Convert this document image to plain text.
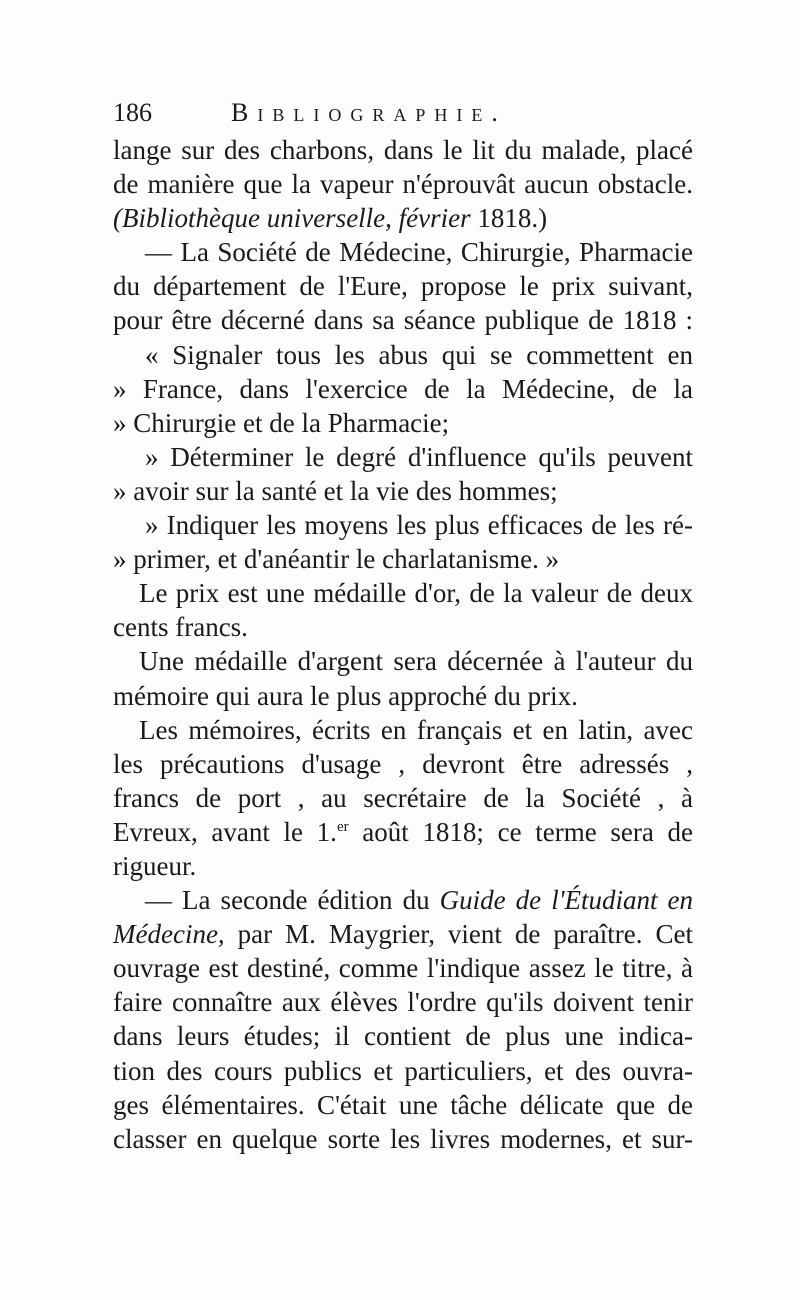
186	Bibliographie.
lange sur des charbons, dans le lit du malade, placé
de manière que la vapeur n'éprouvât aucun obstacle.
(Bibliothèque universelle, février 1818.)
— La Société de Médecine, Chirurgie, Pharmacie
du département de l'Eure, propose le prix suivant,
pour être décerné dans sa séance publique de 1818 :
« Signaler tous les abus qui se commettent en
» France, dans l'exercice de la Médecine, de la
» Chirurgie et de la Pharmacie;
» Déterminer le degré d'influence qu'ils peuvent
» avoir sur la santé et la vie des hommes;
» Indiquer les moyens les plus efficaces de les ré-
» primer, et d'anéantir le charlatanisme. »
Le prix est une médaille d'or, de la valeur de deux
cents francs.
Une médaille d'argent sera décernée à l'auteur du
mémoire qui aura le plus approché du prix.
Les mémoires, écrits en français et en latin, avec
les précautions d'usage , devront être adressés ,
francs de port , au secrétaire de la Société , à
Evreux, avant le 1.$^{er}$ août 1818; ce terme sera de
rigueur.
— La seconde édition du Guide de l'Étudiant en
Médecine, par M. Maygrier, vient de paraître. Cet
ouvrage est destiné, comme l'indique assez le titre, à
faire connaître aux élèves l'ordre qu'ils doivent tenir
dans leurs études; il contient de plus une indica-
tion des cours publics et particuliers, et des ouvra-
ges élémentaires. C'était une tâche délicate que de
classer en quelque sorte les livres modernes, et sur-
